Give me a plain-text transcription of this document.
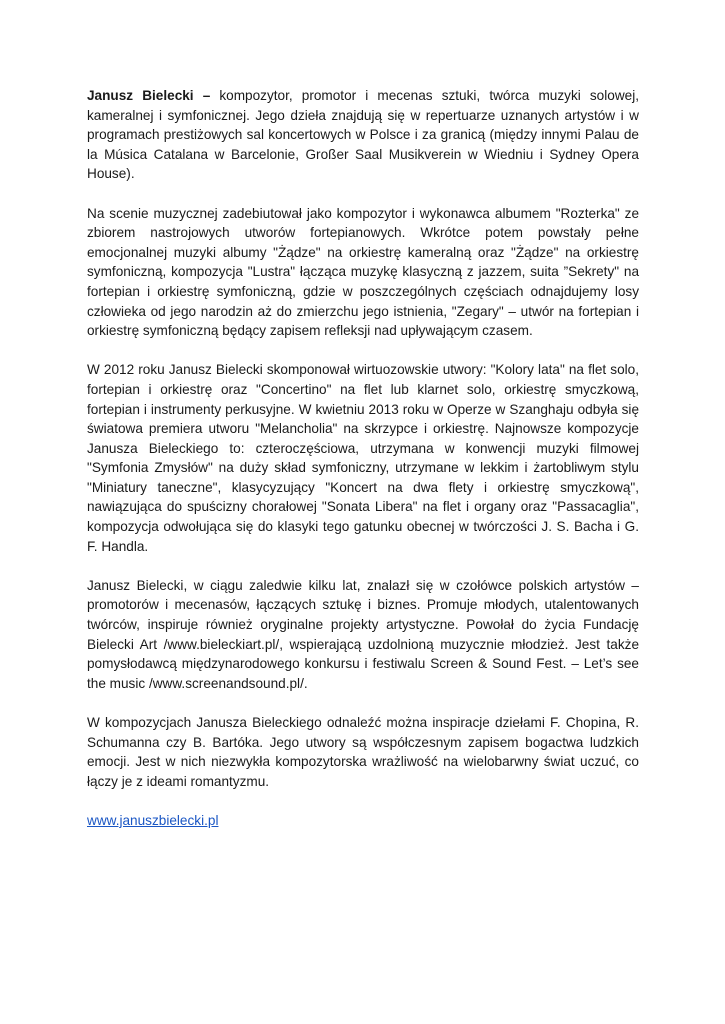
Janusz Bielecki – kompozytor, promotor i mecenas sztuki, twórca muzyki solowej, kameralnej i symfonicznej. Jego dzieła znajdują się w repertuarze uznanych artystów i w programach prestiżowych sal koncertowych w Polsce i za granicą (między innymi Palau de la Música Catalana w Barcelonie, Großer Saal Musikverein w Wiedniu i Sydney Opera House).

Na scenie muzycznej zadebiutował jako kompozytor i wykonawca albumem "Rozterka" ze zbiorem nastrojowych utworów fortepianowych. Wkrótce potem powstały pełne emocjonalnej muzyki albumy "Żądze" na orkiestrę kameralną oraz "Żądze" na orkiestrę symfoniczną, kompozycja "Lustra" łącząca muzykę klasyczną z jazzem, suita ”Sekrety" na fortepian i orkiestrę symfoniczną, gdzie w poszczególnych częściach odnajdujemy losy człowieka od jego narodzin aż do zmierzchu jego istnienia, "Zegary" – utwór na fortepian i orkiestrę symfoniczną będący zapisem refleksji nad upływającym czasem.

W 2012 roku Janusz Bielecki skomponował wirtuozowskie utwory: "Kolory lata" na flet solo, fortepian i orkiestrę oraz "Concertino" na flet lub klarnet solo, orkiestrę smyczkową, fortepian i instrumenty perkusyjne. W kwietniu 2013 roku w Operze w Szanghaju odbyła się światowa premiera utworu "Melancholia" na skrzypce i orkiestrę. Najnowsze kompozycje Janusza Bieleckiego to: czteroczęściowa, utrzymana w konwencji muzyki filmowej "Symfonia Zmysłów" na duży skład symfoniczny, utrzymane w lekkim i żartobliwym stylu "Miniatury taneczne", klasycyzujący "Koncert na dwa flety i orkiestrę smyczkową", nawiązująca do spuścizny chorałowej "Sonata Libera" na flet i organy oraz "Passacaglia", kompozycja odwołująca się do klasyki tego gatunku obecnej w twórczości J. S. Bacha i G. F. Handla.

Janusz Bielecki, w ciągu zaledwie kilku lat, znalazł się w czołówce polskich artystów – promotorów i mecenasów, łączących sztukę i biznes. Promuje młodych, utalentowanych twórców, inspiruje również oryginalne projekty artystyczne. Powołał do życia Fundację Bielecki Art /www.bieleckiart.pl/, wspierającą uzdolnioną muzycznie młodzież. Jest także pomysłodawcą międzynarodowego konkursu i festiwalu Screen & Sound Fest. – Let’s see the music /www.screenandsound.pl/.

W kompozycjach Janusza Bieleckiego odnaleźć można inspiracje dziełami F. Chopina, R. Schumanna czy B. Bartóka. Jego utwory są współczesnym zapisem bogactwa ludzkich emocji. Jest w nich niezwykła kompozytorska wrażliwość na wielobarwny świat uczuć, co łączy je z ideami romantyzmu.

www.januszbielecki.pl
